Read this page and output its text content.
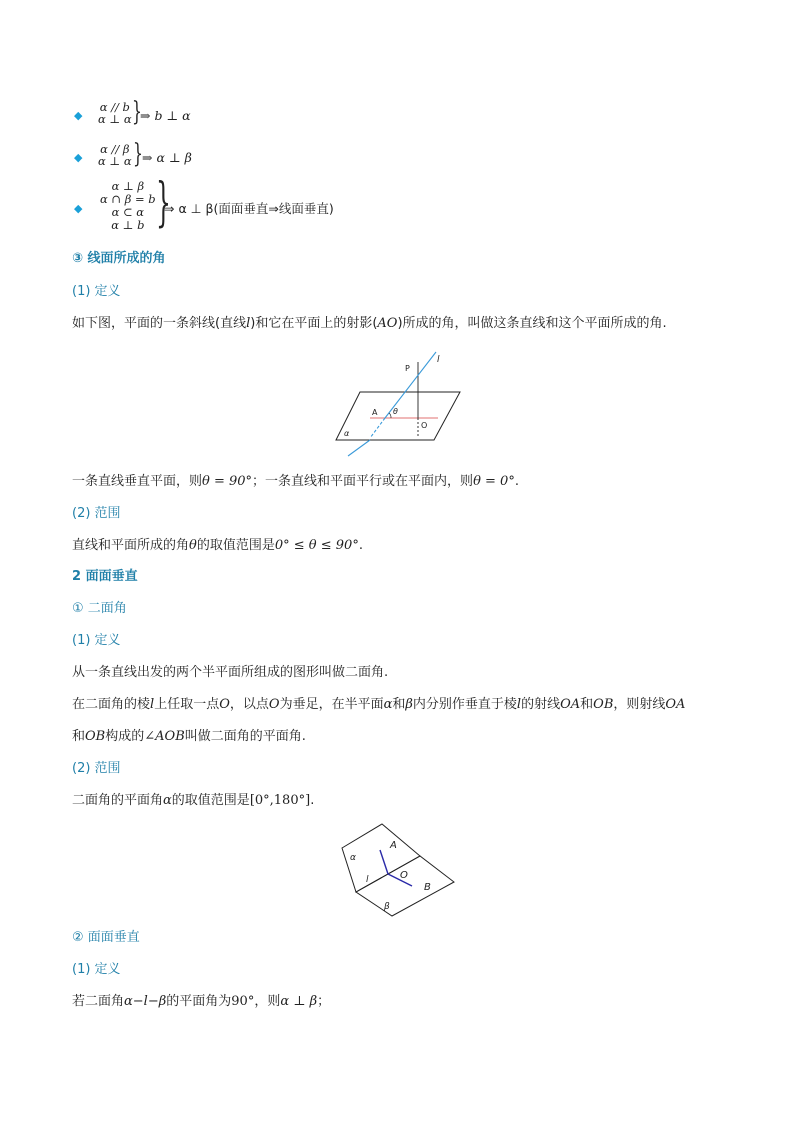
◆
α // b
α ⊥ α }
⇒ b ⊥ α
◆
α // β
α ⊥ α } ⇒ α ⊥ β
◆
α ⊥ β
α ∩ β = b
α ⊂ α
α ⊥ b }
⇒ α ⊥ β(面面垂直⇒线面垂直)
③ 线面所成的角
(1) 定义
如下图，平面的一条斜线(直线l)和它在平面上的射影(AO)所成的角，叫做这条直线和这个平面所成的角.
l
P
A θ
O
α
一条直线垂直平面，则θ = 90°；一条直线和平面平行或在平面内，则θ = 0°.
(2) 范围
直线和平面所成的角θ的取值范围是0° ≤ θ ≤ 90°.
2 面面垂直
① 二面角
(1) 定义
从一条直线出发的两个半平面所组成的图形叫做二面角.
在二面角的棱l上任取一点O，以点O为垂足，在半平面α和β内分别作垂直于棱l的射线OA和OB，则射线OA
和OB构成的∠AOB叫做二面角的平面角.
(2) 范围
二面角的平面角α的取值范围是[0°,180°].
α
A
O
l
B
β
② 面面垂直
(1) 定义
若二面角α−l−β的平面角为90°，则α ⊥ β；
